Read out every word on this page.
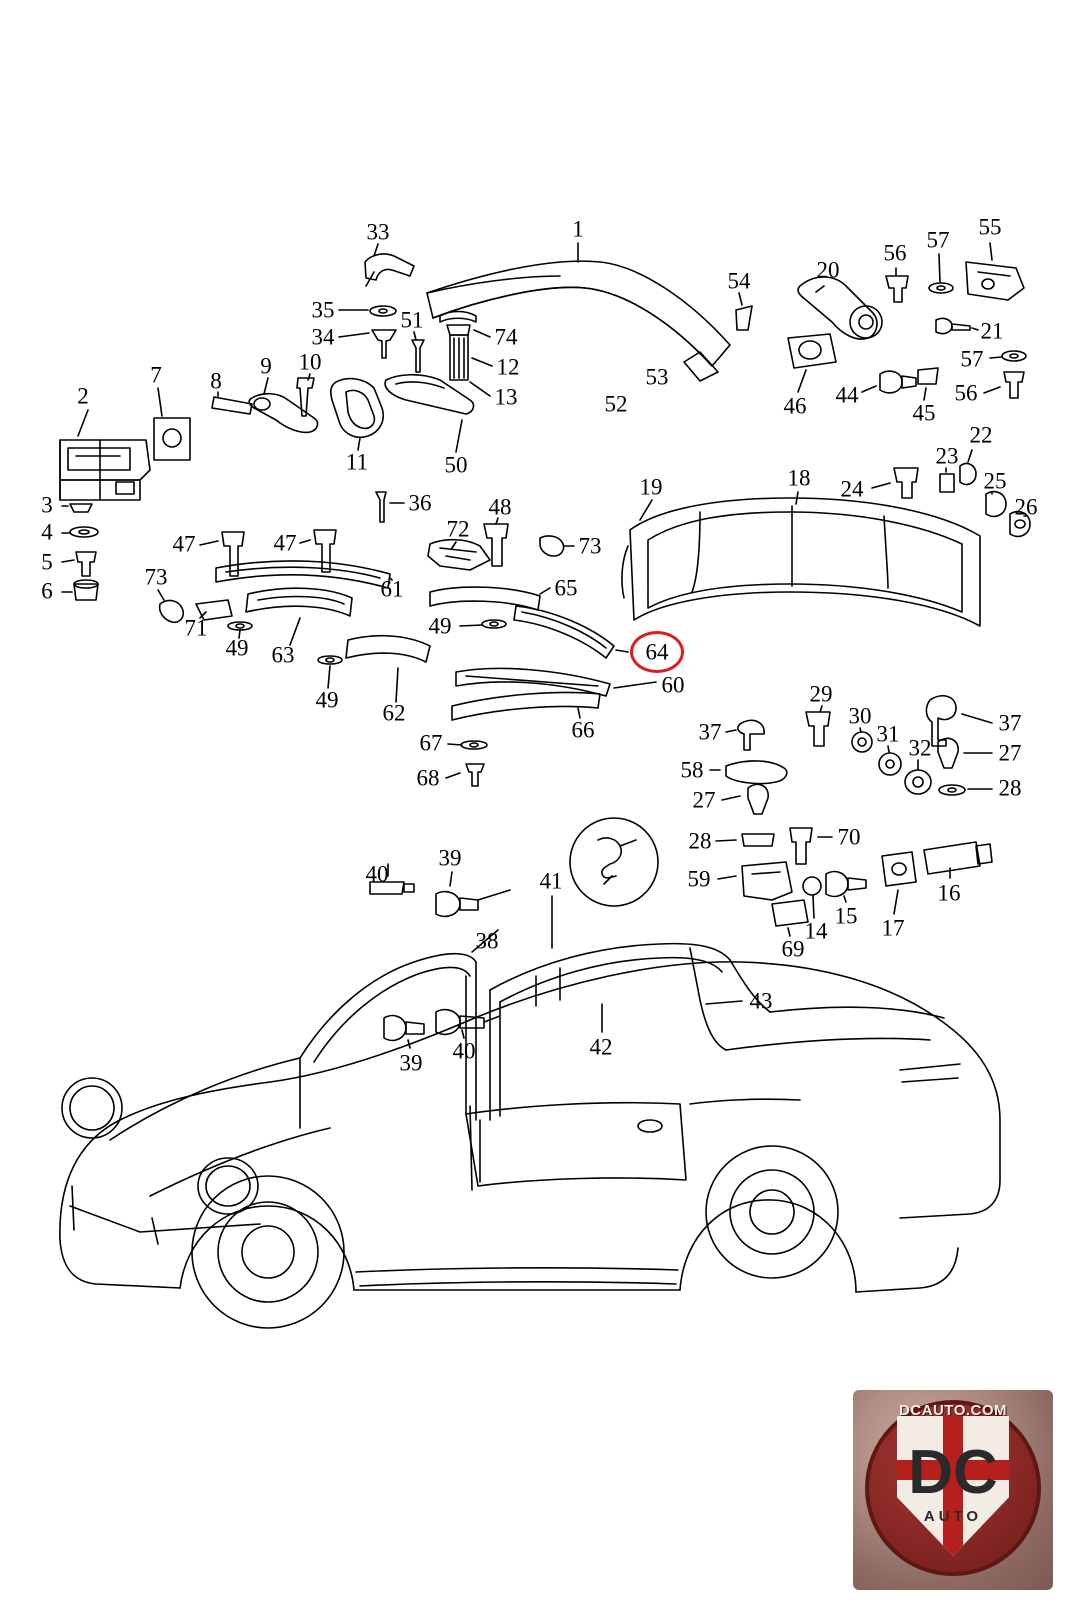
33	1
54	20
56
57
55
35
34
51
74
12
21
7 8
9 10
13
53
57
2	52	46 44
45
56
11	50
22
23
24	25
26
3
4
5
6
36 48
19	18
47	47
72
73
73	65
61
71
49 63
49
64
60
49
62
29
37
30
31
32
37
27
58
28
67
66
68
27
28	70
59
16
17
14
15
69
40
39
41
38
43
39 40	42
DCAUTO.COM
DC
AUTO
